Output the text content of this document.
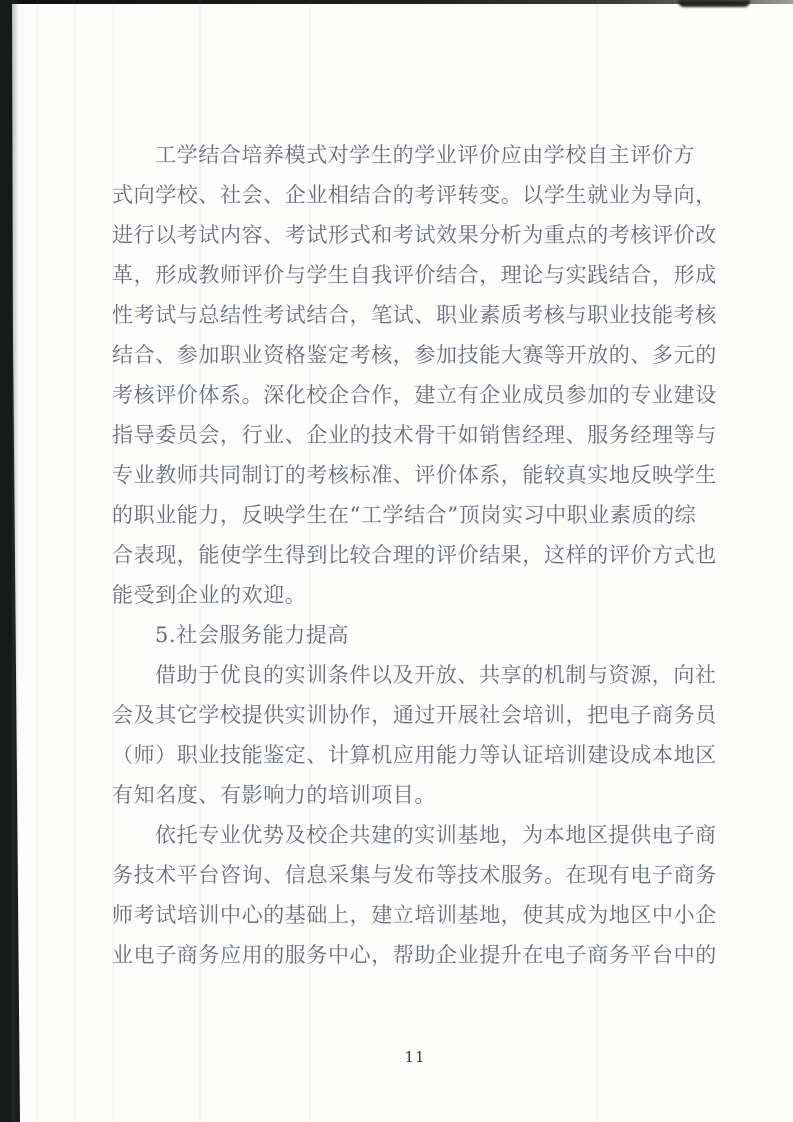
工学结合培养模式对学生的学业评价应由学校自主评价方
式向学校、社会、企业相结合的考评转变。以学生就业为导向，
进行以考试内容、考试形式和考试效果分析为重点的考核评价改
革，形成教师评价与学生自我评价结合，理论与实践结合，形成
性考试与总结性考试结合，笔试、职业素质考核与职业技能考核
结合、参加职业资格鉴定考核，参加技能大赛等开放的、多元的
考核评价体系。深化校企合作，建立有企业成员参加的专业建设
指导委员会，行业、企业的技术骨干如销售经理、服务经理等与
专业教师共同制订的考核标准、评价体系，能较真实地反映学生
的职业能力，反映学生在“工学结合”顶岗实习中职业素质的综
合表现，能使学生得到比较合理的评价结果，这样的评价方式也
能受到企业的欢迎。
5.社会服务能力提高
借助于优良的实训条件以及开放、共享的机制与资源，向社
会及其它学校提供实训协作，通过开展社会培训，把电子商务员
（师）职业技能鉴定、计算机应用能力等认证培训建设成本地区
有知名度、有影响力的培训项目。
依托专业优势及校企共建的实训基地，为本地区提供电子商
务技术平台咨询、信息采集与发布等技术服务。在现有电子商务
师考试培训中心的基础上，建立培训基地，使其成为地区中小企
业电子商务应用的服务中心，帮助企业提升在电子商务平台中的
11
